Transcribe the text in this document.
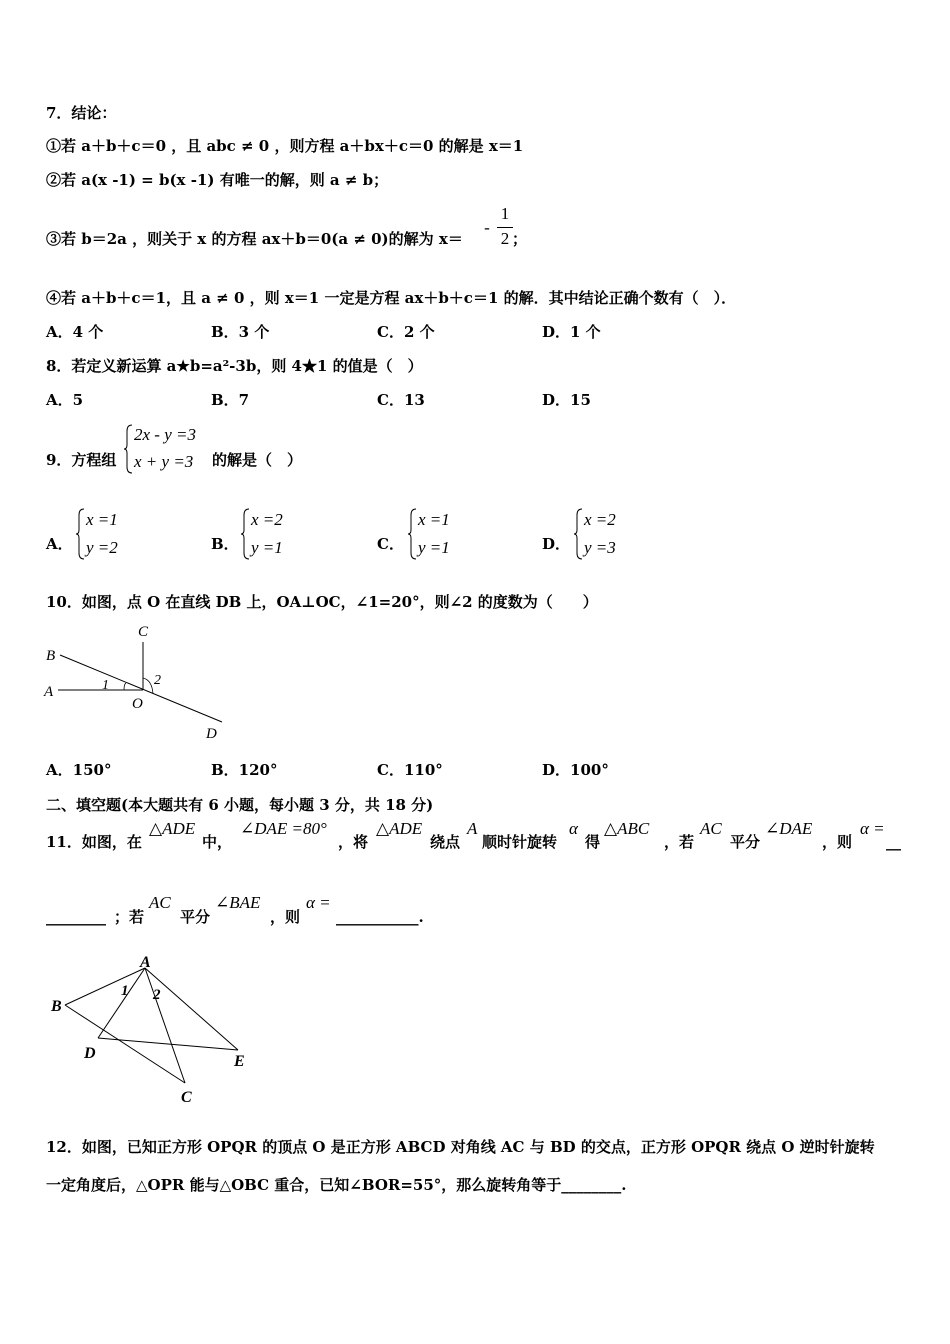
7．结论：
①若 a＋b＋c＝0 ，且 abc ≠ 0 ，则方程 a＋bx＋c＝0 的解是 x＝1
②若 a(x -1) = b(x -1) 有唯一的解，则 a ≠ b；
③若 b＝2a ，则关于 x 的方程 ax＋b＝0(a ≠ 0)的解为 x＝
-
1
2 ；
④若 a＋b＋c＝1，且 a ≠ 0 ，则 x＝1 一定是方程 ax＋b＋c＝1 的解．其中结论正确个数有（　）．
A．4 个	B．3 个	C．2 个	D．1 个
8．若定义新运算 a★b=a²-3b，则 4★1 的值是（　）
A．5	B．7	C．13	D．15
9．方程组
2x - y =3
x + y =3 的解是（　）
A．
x =1
y =2	B．
x =2
y =1	C．
x =1
y =1	D．
x =2
y =3
10．如图，点 O 在直线 DB 上，OA⊥OC，∠1=20°，则∠2 的度数为（　　）
B
C
A	1	2
O
D
A．150°	B．120°	C．110°	D．100°
二、填空题(本大题共有 6 小题，每小题 3 分，共 18 分)
11．如图，在
△ADE
中，
∠DAE =80°
，将
△ADE
绕点
A
顺时针旋转
α
得
△ABC
，若
AC
平分
∠DAE
，则
α =
__
________ ；若
AC
平分
∠BAE
，则
α =
___________.
A
B
1 2
D	E
C
12．如图，已知正方形 OPQR 的顶点 O 是正方形 ABCD 对角线 AC 与 BD 的交点，正方形 OPQR 绕点 O 逆时针旋转
一定角度后，△OPR 能与△OBC 重合，已知∠BOR=55°，那么旋转角等于________.
